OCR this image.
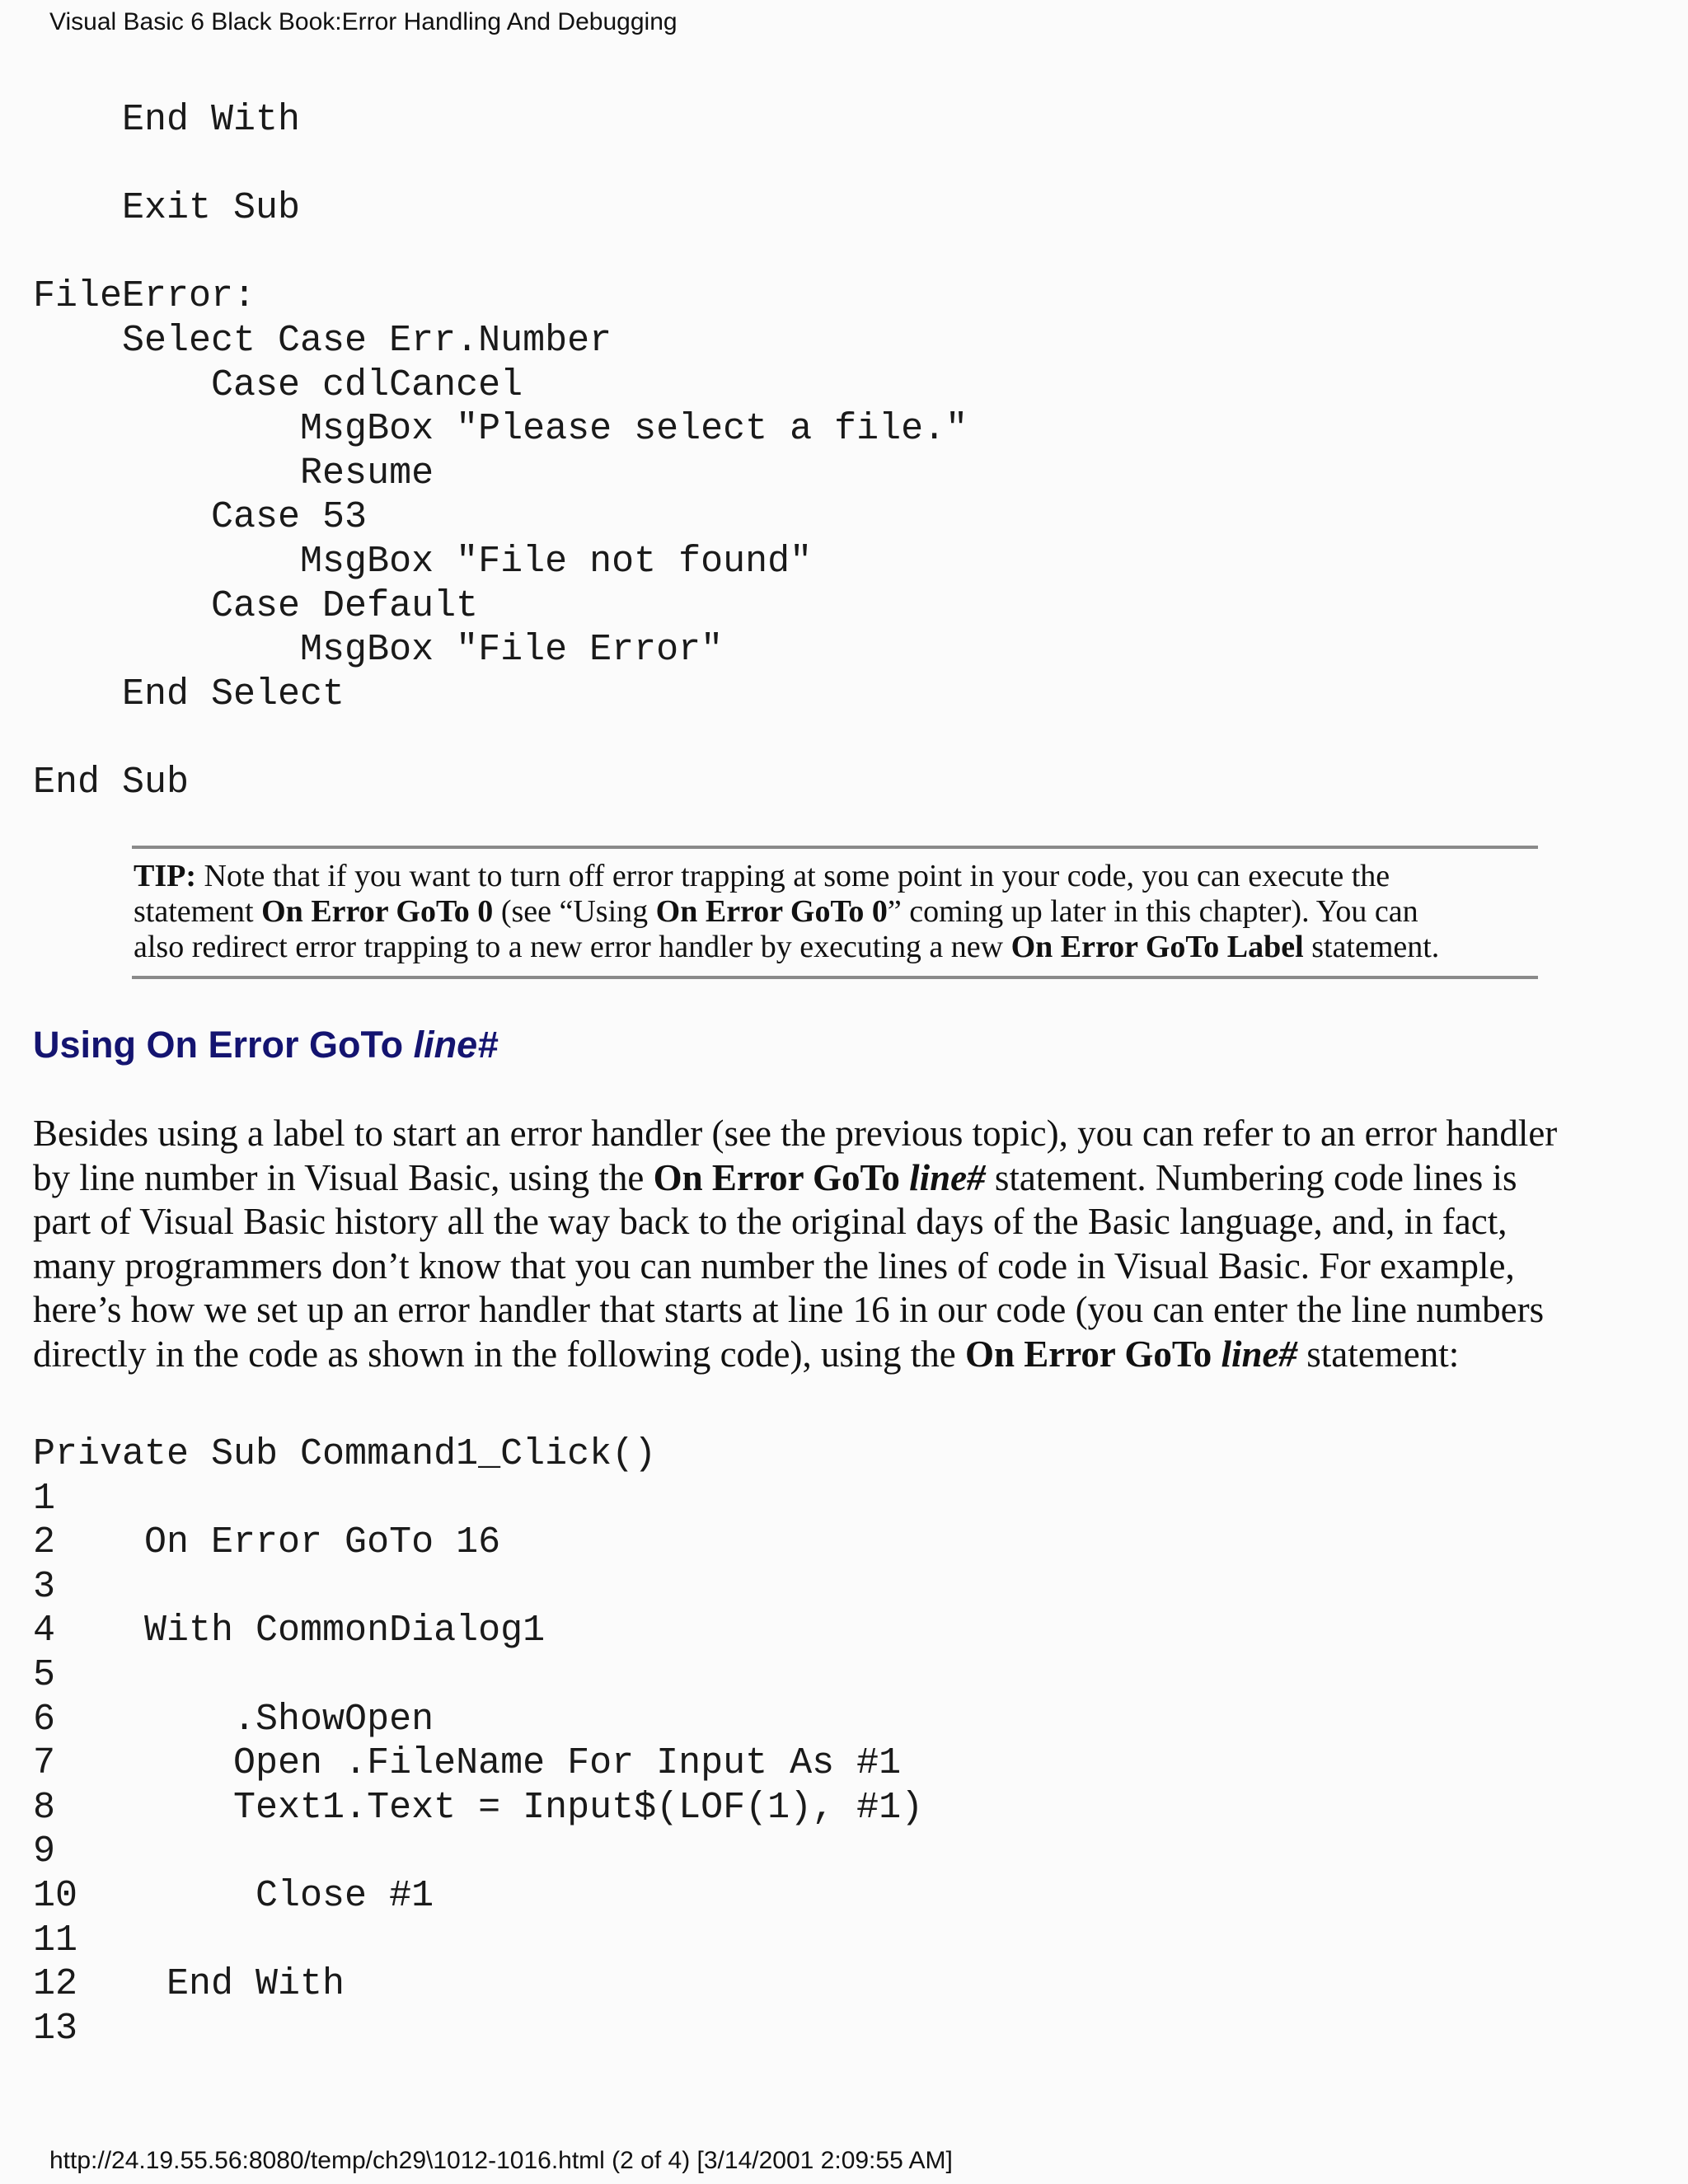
Visual Basic 6 Black Book:Error Handling And Debugging
End With
Exit Sub
FileError:
Select Case Err.Number
Case cdlCancel
MsgBox "Please select a file."
Resume
Case 53
MsgBox "File not found"
Case Default
MsgBox "File Error"
End Select
End Sub
TIP: Note that if you want to turn off error trapping at some point in your code, you can execute the
statement On Error GoTo 0 (see “Using On Error GoTo 0” coming up later in this chapter). You can
also redirect error trapping to a new error handler by executing a new On Error GoTo Label statement.
Using On Error GoTo line#
Besides using a label to start an error handler (see the previous topic), you can refer to an error handler
by line number in Visual Basic, using the On Error GoTo line# statement. Numbering code lines is
part of Visual Basic history all the way back to the original days of the Basic language, and, in fact,
many programmers don’t know that you can number the lines of code in Visual Basic. For example,
here’s how we set up an error handler that starts at line 16 in our code (you can enter the line numbers
directly in the code as shown in the following code), using the On Error GoTo line# statement:
Private Sub Command1_Click()
1
2    On Error GoTo 16
3
4    With CommonDialog1
5
6        .ShowOpen
7        Open .FileName For Input As #1
8        Text1.Text = Input$(LOF(1), #1)
9
10        Close #1
11
12    End With
13
http://24.19.55.56:8080/temp/ch29\1012-1016.html (2 of 4) [3/14/2001 2:09:55 AM]
